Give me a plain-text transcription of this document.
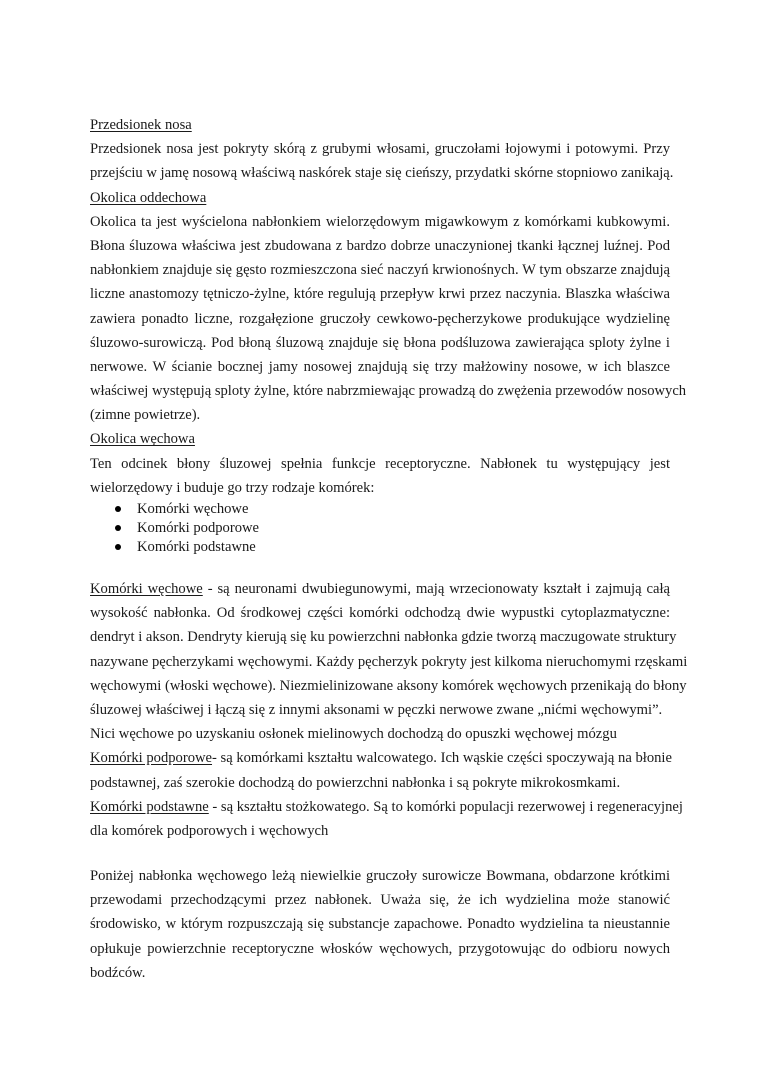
Przedsionek nosa
Przedsionek nosa jest pokryty skórą z grubymi włosami, gruczołami łojowymi i potowymi. Przy
przejściu w jamę nosową właściwą naskórek staje się cieńszy, przydatki skórne stopniowo zanikają.
Okolica oddechowa
Okolica ta jest wyścielona nabłonkiem wielorzędowym migawkowym z komórkami kubkowymi.
Błona śluzowa właściwa jest zbudowana z bardzo dobrze unaczynionej tkanki łącznej luźnej. Pod
nabłonkiem znajduje się gęsto rozmieszczona sieć naczyń krwionośnych. W tym obszarze znajdują
liczne anastomozy tętniczo-żylne, które regulują przepływ krwi przez naczynia. Blaszka właściwa
zawiera ponadto liczne, rozgałęzione gruczoły cewkowo-pęcherzykowe produkujące wydzielinę
śluzowo-surowiczą. Pod błoną śluzową znajduje się błona podśluzowa zawierająca sploty żylne i
nerwowe. W ścianie bocznej jamy nosowej znajdują się trzy małżowiny nosowe, w ich blaszce
właściwej występują sploty żylne, które nabrzmiewając prowadzą do zwężenia przewodów nosowych
(zimne powietrze).
Okolica węchowa
Ten odcinek błony śluzowej spełnia funkcje receptoryczne. Nabłonek tu występujący jest
wielorzędowy i buduje go trzy rodzaje komórek:
Komórki węchowe
Komórki podporowe
Komórki podstawne
Komórki węchowe - są neuronami dwubiegunowymi, mają wrzecionowaty kształt i zajmują całą
wysokość nabłonka. Od środkowej części komórki odchodzą dwie wypustki cytoplazmatyczne:
dendryt i akson. Dendryty kierują się ku powierzchni nabłonka gdzie tworzą maczugowate struktury
nazywane pęcherzykami węchowymi. Każdy pęcherzyk pokryty jest kilkoma nieruchomymi rzęskami
węchowymi (włoski węchowe). Niezmielinizowane aksony komórek węchowych przenikają do błony
śluzowej właściwej i łączą się z innymi aksonami w pęczki nerwowe zwane „nićmi węchowymi”.
Nici węchowe po uzyskaniu osłonek mielinowych dochodzą do opuszki węchowej mózgu
Komórki podporowe- są komórkami kształtu walcowatego. Ich wąskie części spoczywają na błonie
podstawnej, zaś szerokie dochodzą do powierzchni nabłonka i są pokryte mikrokosmkami.
Komórki podstawne - są kształtu stożkowatego. Są to komórki populacji rezerwowej i regeneracyjnej
dla komórek podporowych i węchowych
Poniżej nabłonka węchowego leżą niewielkie gruczoły surowicze Bowmana, obdarzone krótkimi
przewodami przechodzącymi przez nabłonek. Uważa się, że ich wydzielina może stanowić
środowisko, w którym rozpuszczają się substancje zapachowe. Ponadto wydzielina ta nieustannie
opłukuje powierzchnie receptoryczne włosków węchowych, przygotowując do odbioru nowych
bodźców.
